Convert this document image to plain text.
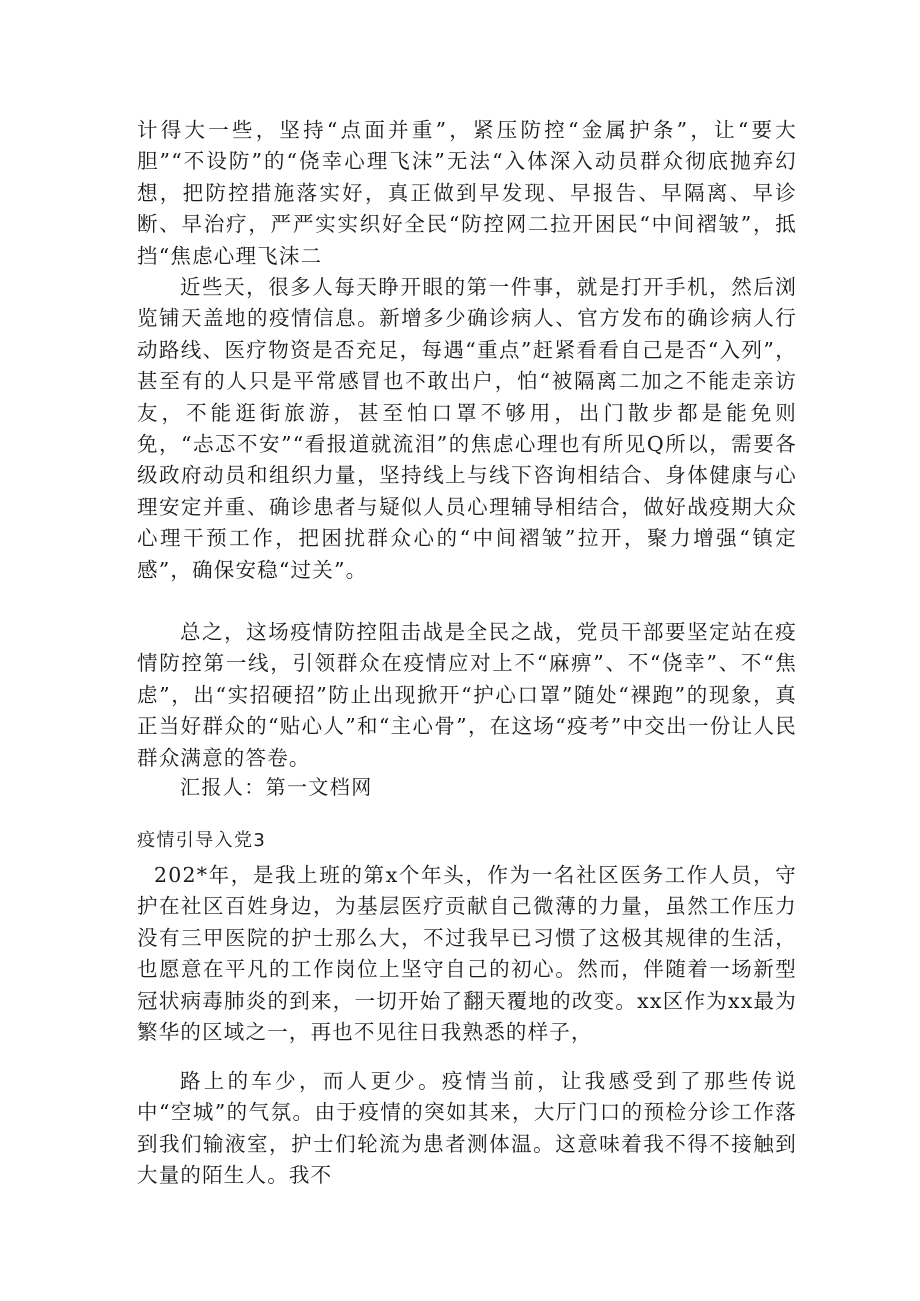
计得大一些，坚持“点面并重”，紧压防控“金属护条”，让“要大胆”“不设防”的“侥幸心理飞沫”无法“入体深入动员群众彻底抛弃幻想，把防控措施落实好，真正做到早发现、早报告、早隔离、早诊断、早治疗，严严实实织好全民“防控网二拉开困民“中间褶皱”，抵挡“焦虑心理飞沫二

近些天，很多人每天睁开眼的第一件事，就是打开手机，然后浏览铺天盖地的疫情信息。新增多少确诊病人、官方发布的确诊病人行动路线、医疗物资是否充足，每遇“重点”赶紧看看自己是否“入列”，甚至有的人只是平常感冒也不敢出户，怕“被隔离二加之不能走亲访友，不能逛街旅游，甚至怕口罩不够用，出门散步都是能免则免，“忐忑不安”“看报道就流泪”的焦虑心理也有所见Q所以，需要各级政府动员和组织力量，坚持线上与线下咨询相结合、身体健康与心理安定并重、确诊患者与疑似人员心理辅导相结合，做好战疫期大众心理干预工作，把困扰群众心的“中间褶皱”拉开，聚力增强“镇定感”，确保安稳“过关”。

总之，这场疫情防控阻击战是全民之战，党员干部要坚定站在疫情防控第一线，引领群众在疫情应对上不“麻痹”、不“侥幸”、不“焦虑”，出“实招硬招”防止出现掀开“护心口罩”随处“裸跑”的现象，真正当好群众的“贴心人”和“主心骨”，在这场“疫考”中交出一份让人民群众满意的答卷。

汇报人：第一文档网

疫情引导入党3

202*年，是我上班的第x个年头，作为一名社区医务工作人员，守护在社区百姓身边，为基层医疗贡献自己微薄的力量，虽然工作压力没有三甲医院的护士那么大，不过我早已习惯了这极其规律的生活，也愿意在平凡的工作岗位上坚守自己的初心。然而，伴随着一场新型冠状病毒肺炎的到来，一切开始了翻天覆地的改变。xx区作为xx最为繁华的区域之一，再也不见往日我熟悉的样子，

路上的车少，而人更少。疫情当前，让我感受到了那些传说中“空城”的气氛。由于疫情的突如其来，大厅门口的预检分诊工作落到我们输液室，护士们轮流为患者测体温。这意味着我不得不接触到大量的陌生人。我不
